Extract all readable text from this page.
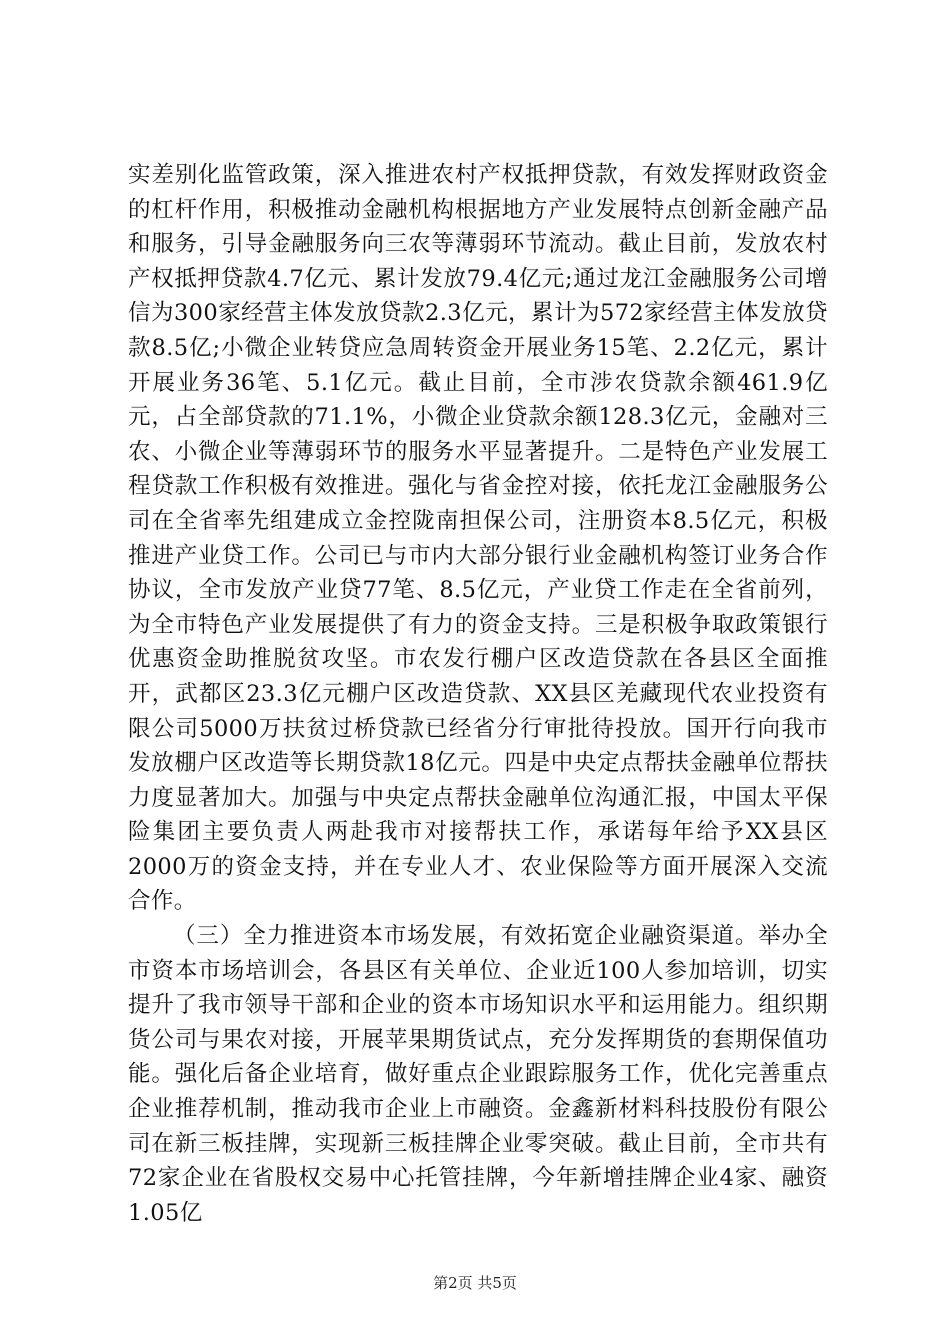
实差别化监管政策，深入推进农村产权抵押贷款，有效发挥财政资金的杠杆作用，积极推动金融机构根据地方产业发展特点创新金融产品和服务，引导金融服务向三农等薄弱环节流动。截止目前，发放农村产权抵押贷款4.7亿元、累计发放79.4亿元;通过龙江金融服务公司增信为300家经营主体发放贷款2.3亿元，累计为572家经营主体发放贷款8.5亿;小微企业转贷应急周转资金开展业务15笔、2.2亿元，累计开展业务36笔、5.1亿元。截止目前，全市涉农贷款余额461.9亿元，占全部贷款的71.1%，小微企业贷款余额128.3亿元，金融对三农、小微企业等薄弱环节的服务水平显著提升。二是特色产业发展工程贷款工作积极有效推进。强化与省金控对接，依托龙江金融服务公司在全省率先组建成立金控陇南担保公司，注册资本8.5亿元，积极推进产业贷工作。公司已与市内大部分银行业金融机构签订业务合作协议，全市发放产业贷77笔、8.5亿元，产业贷工作走在全省前列，为全市特色产业发展提供了有力的资金支持。三是积极争取政策银行优惠资金助推脱贫攻坚。市农发行棚户区改造贷款在各县区全面推开，武都区23.3亿元棚户区改造贷款、XX县区羌藏现代农业投资有限公司5000万扶贫过桥贷款已经省分行审批待投放。国开行向我市发放棚户区改造等长期贷款18亿元。四是中央定点帮扶金融单位帮扶力度显著加大。加强与中央定点帮扶金融单位沟通汇报，中国太平保险集团主要负责人两赴我市对接帮扶工作，承诺每年给予XX县区2000万的资金支持，并在专业人才、农业保险等方面开展深入交流合作。

（三）全力推进资本市场发展，有效拓宽企业融资渠道。举办全市资本市场培训会，各县区有关单位、企业近100人参加培训，切实提升了我市领导干部和企业的资本市场知识水平和运用能力。组织期货公司与果农对接，开展苹果期货试点，充分发挥期货的套期保值功能。强化后备企业培育，做好重点企业跟踪服务工作，优化完善重点企业推荐机制，推动我市企业上市融资。金鑫新材料科技股份有限公司在新三板挂牌，实现新三板挂牌企业零突破。截止目前，全市共有72家企业在省股权交易中心托管挂牌，今年新增挂牌企业4家、融资1.05亿

第2页 共5页
